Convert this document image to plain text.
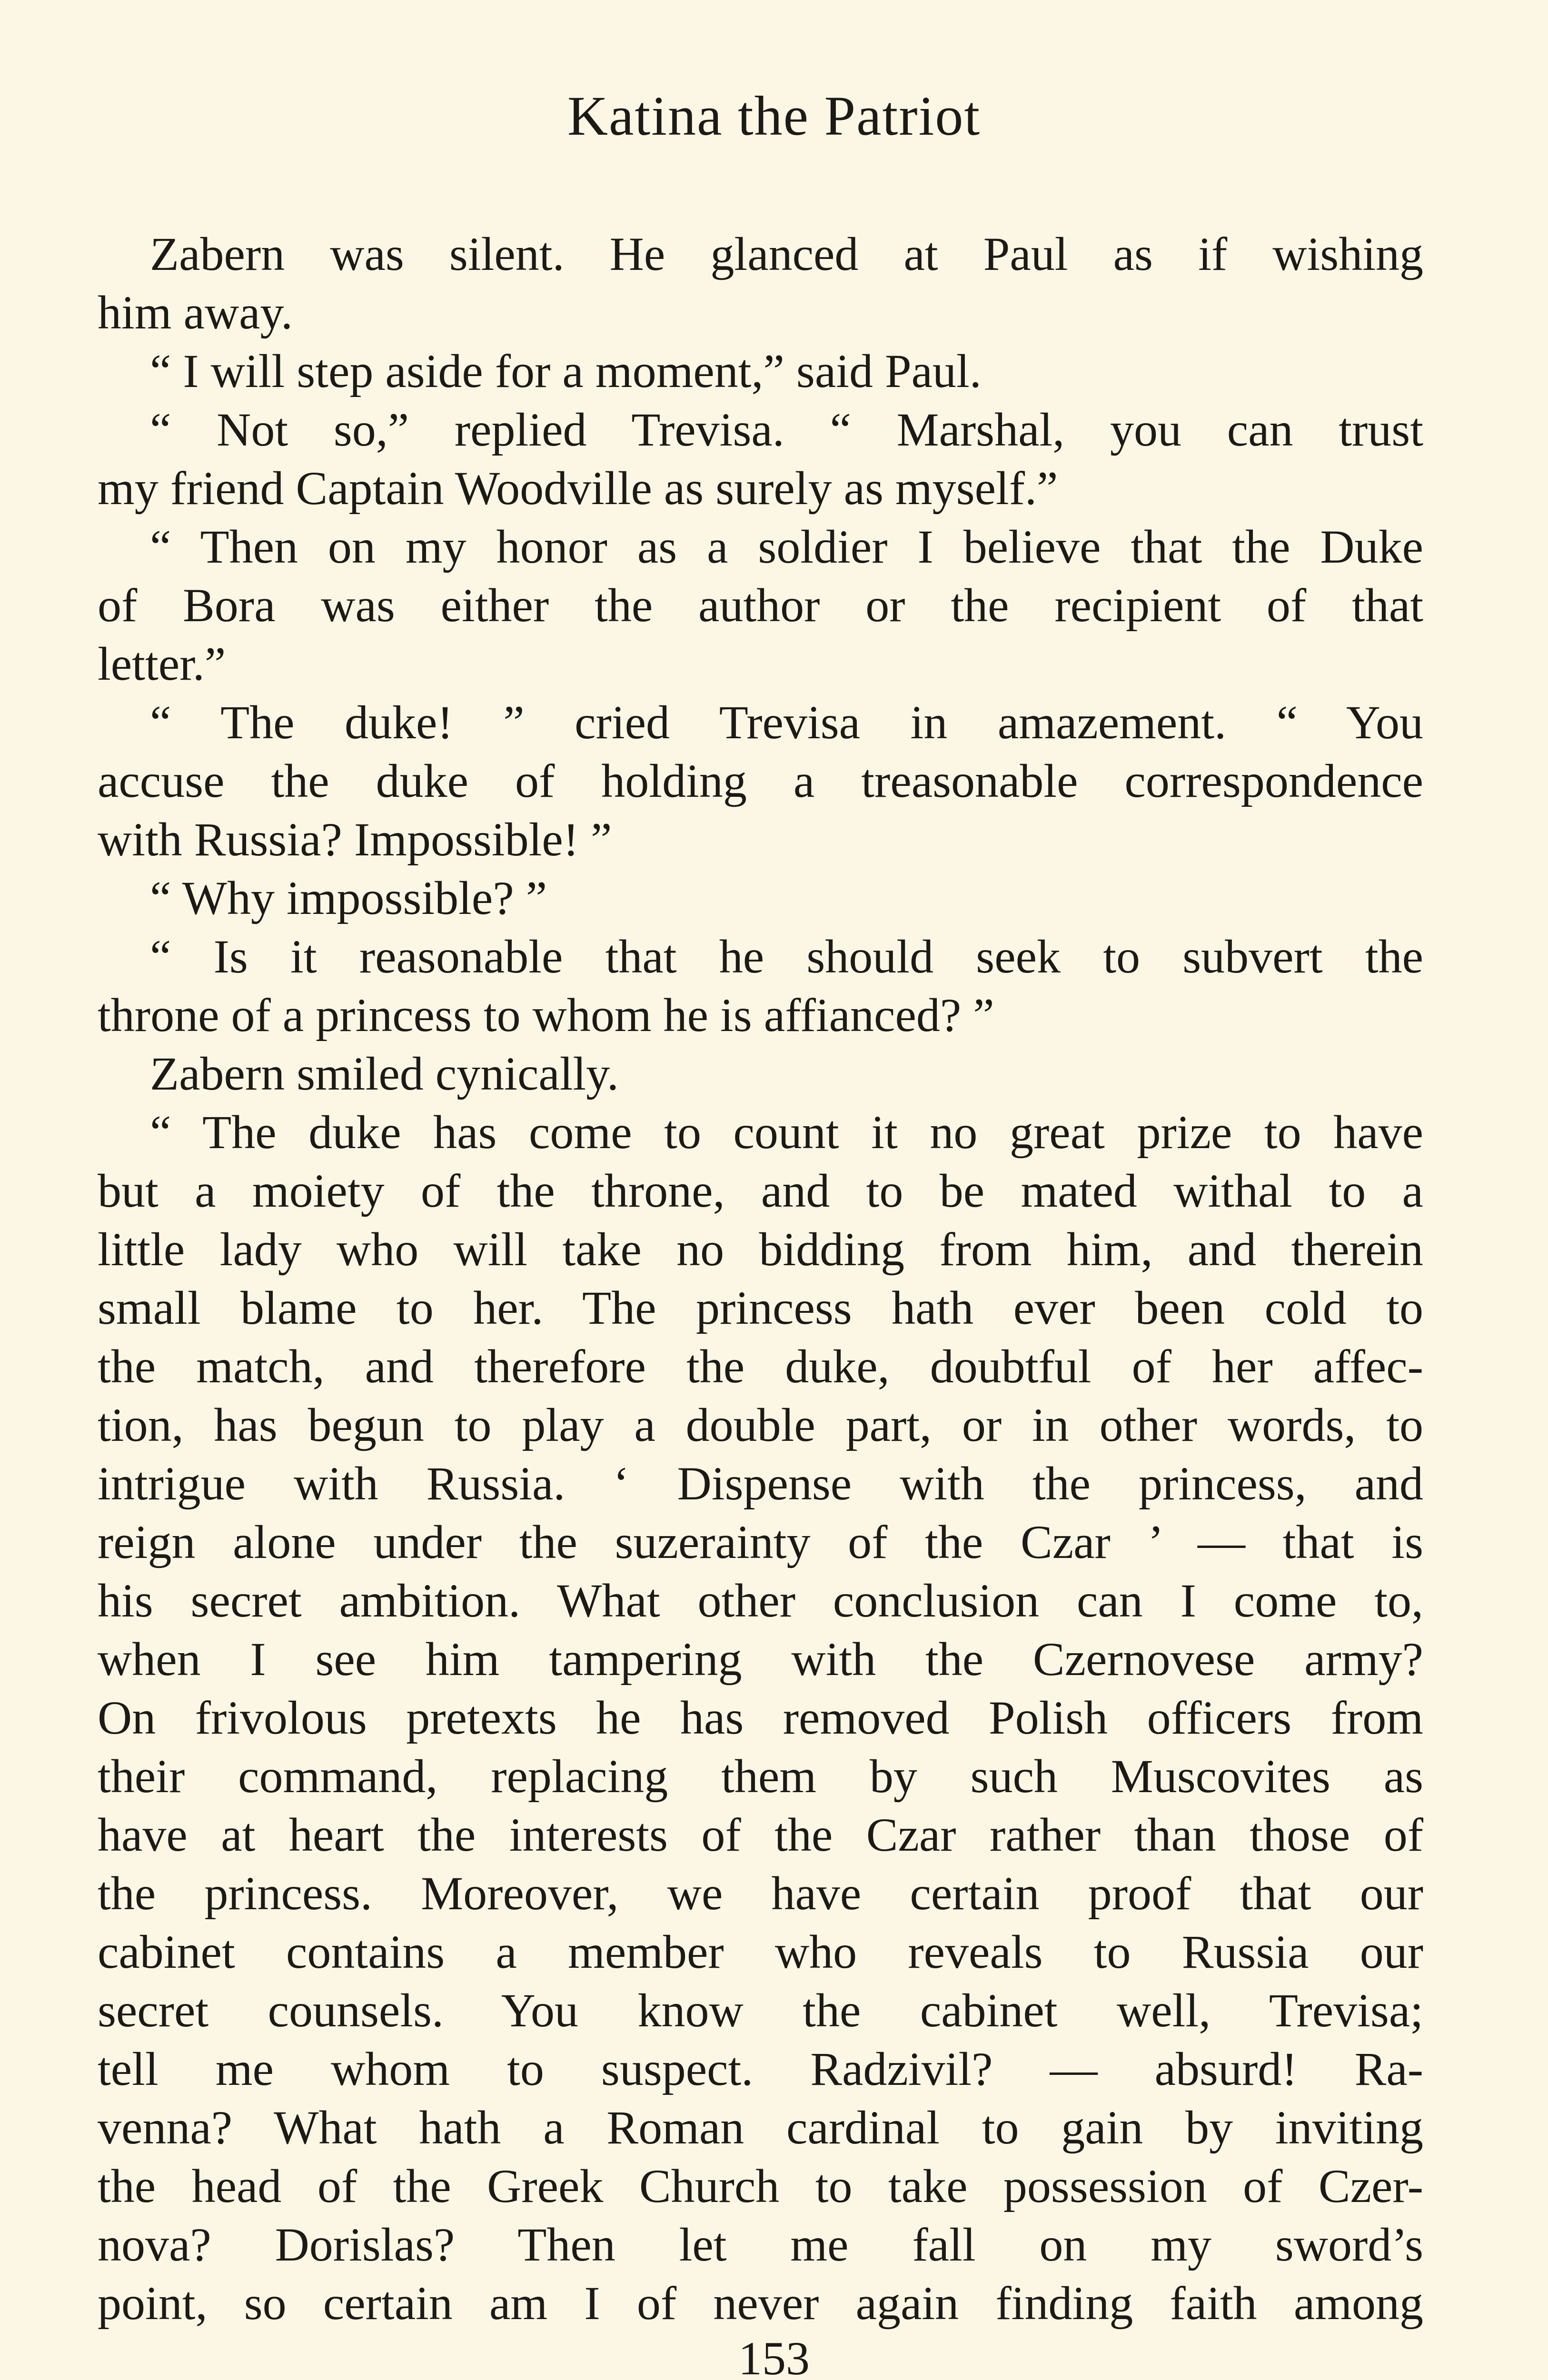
Katina the Patriot
Zabern was silent. He glanced at Paul as if wishing
him away.
“ I will step aside for a moment,” said Paul.
“ Not so,” replied Trevisa. “ Marshal, you can trust
my friend Captain Woodville as surely as myself.”
“ Then on my honor as a soldier I believe that the Duke
of Bora was either the author or the recipient of that
letter.”
“ The duke! ” cried Trevisa in amazement. “ You
accuse the duke of holding a treasonable correspondence
with Russia? Impossible! ”
“ Why impossible? ”
“ Is it reasonable that he should seek to subvert the
throne of a princess to whom he is affianced? ”
Zabern smiled cynically.
“ The duke has come to count it no great prize to have
but a moiety of the throne, and to be mated withal to a
little lady who will take no bidding from him, and therein
small blame to her. The princess hath ever been cold to
the match, and therefore the duke, doubtful of her affec-
tion, has begun to play a double part, or in other words, to
intrigue with Russia. ‘ Dispense with the princess, and
reign alone under the suzerainty of the Czar ’ — that is
his secret ambition. What other conclusion can I come to,
when I see him tampering with the Czernovese army?
On frivolous pretexts he has removed Polish officers from
their command, replacing them by such Muscovites as
have at heart the interests of the Czar rather than those of
the princess. Moreover, we have certain proof that our
cabinet contains a member who reveals to Russia our
secret counsels. You know the cabinet well, Trevisa;
tell me whom to suspect. Radzivil? — absurd! Ra-
venna? What hath a Roman cardinal to gain by inviting
the head of the Greek Church to take possession of Czer-
nova? Dorislas? Then let me fall on my sword’s
point, so certain am I of never again finding faith among
153
